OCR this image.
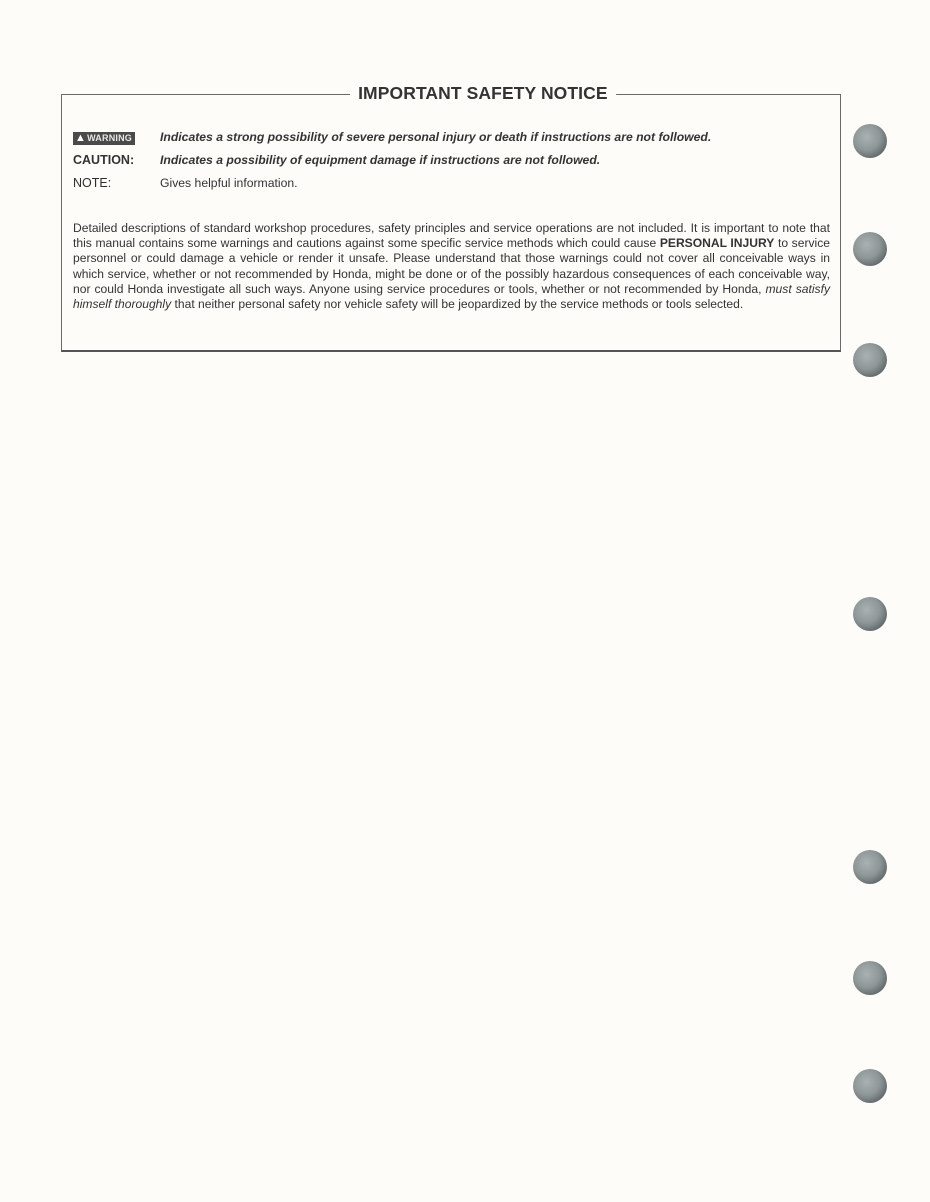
IMPORTANT SAFETY NOTICE
▲ WARNING Indicates a strong possibility of severe personal injury or death if instructions are not followed.
CAUTION:	Indicates a possibility of equipment damage if instructions are not followed.
NOTE:	Gives helpful information.
Detailed descriptions of standard workshop procedures, safety principles and service operations are not included. It is important to note that this manual contains some warnings and cautions against some specific service methods which could cause PERSONAL INJURY to service personnel or could damage a vehicle or render it unsafe. Please understand that those warnings could not cover all conceivable ways in which service, whether or not recommended by Honda, might be done or of the possibly hazardous consequences of each conceivable way, nor could Honda investigate all such ways. Anyone using service procedures or tools, whether or not recommended by Honda, must satisfy himself thoroughly that neither personal safety nor vehicle safety will be jeopardized by the service methods or tools selected.
